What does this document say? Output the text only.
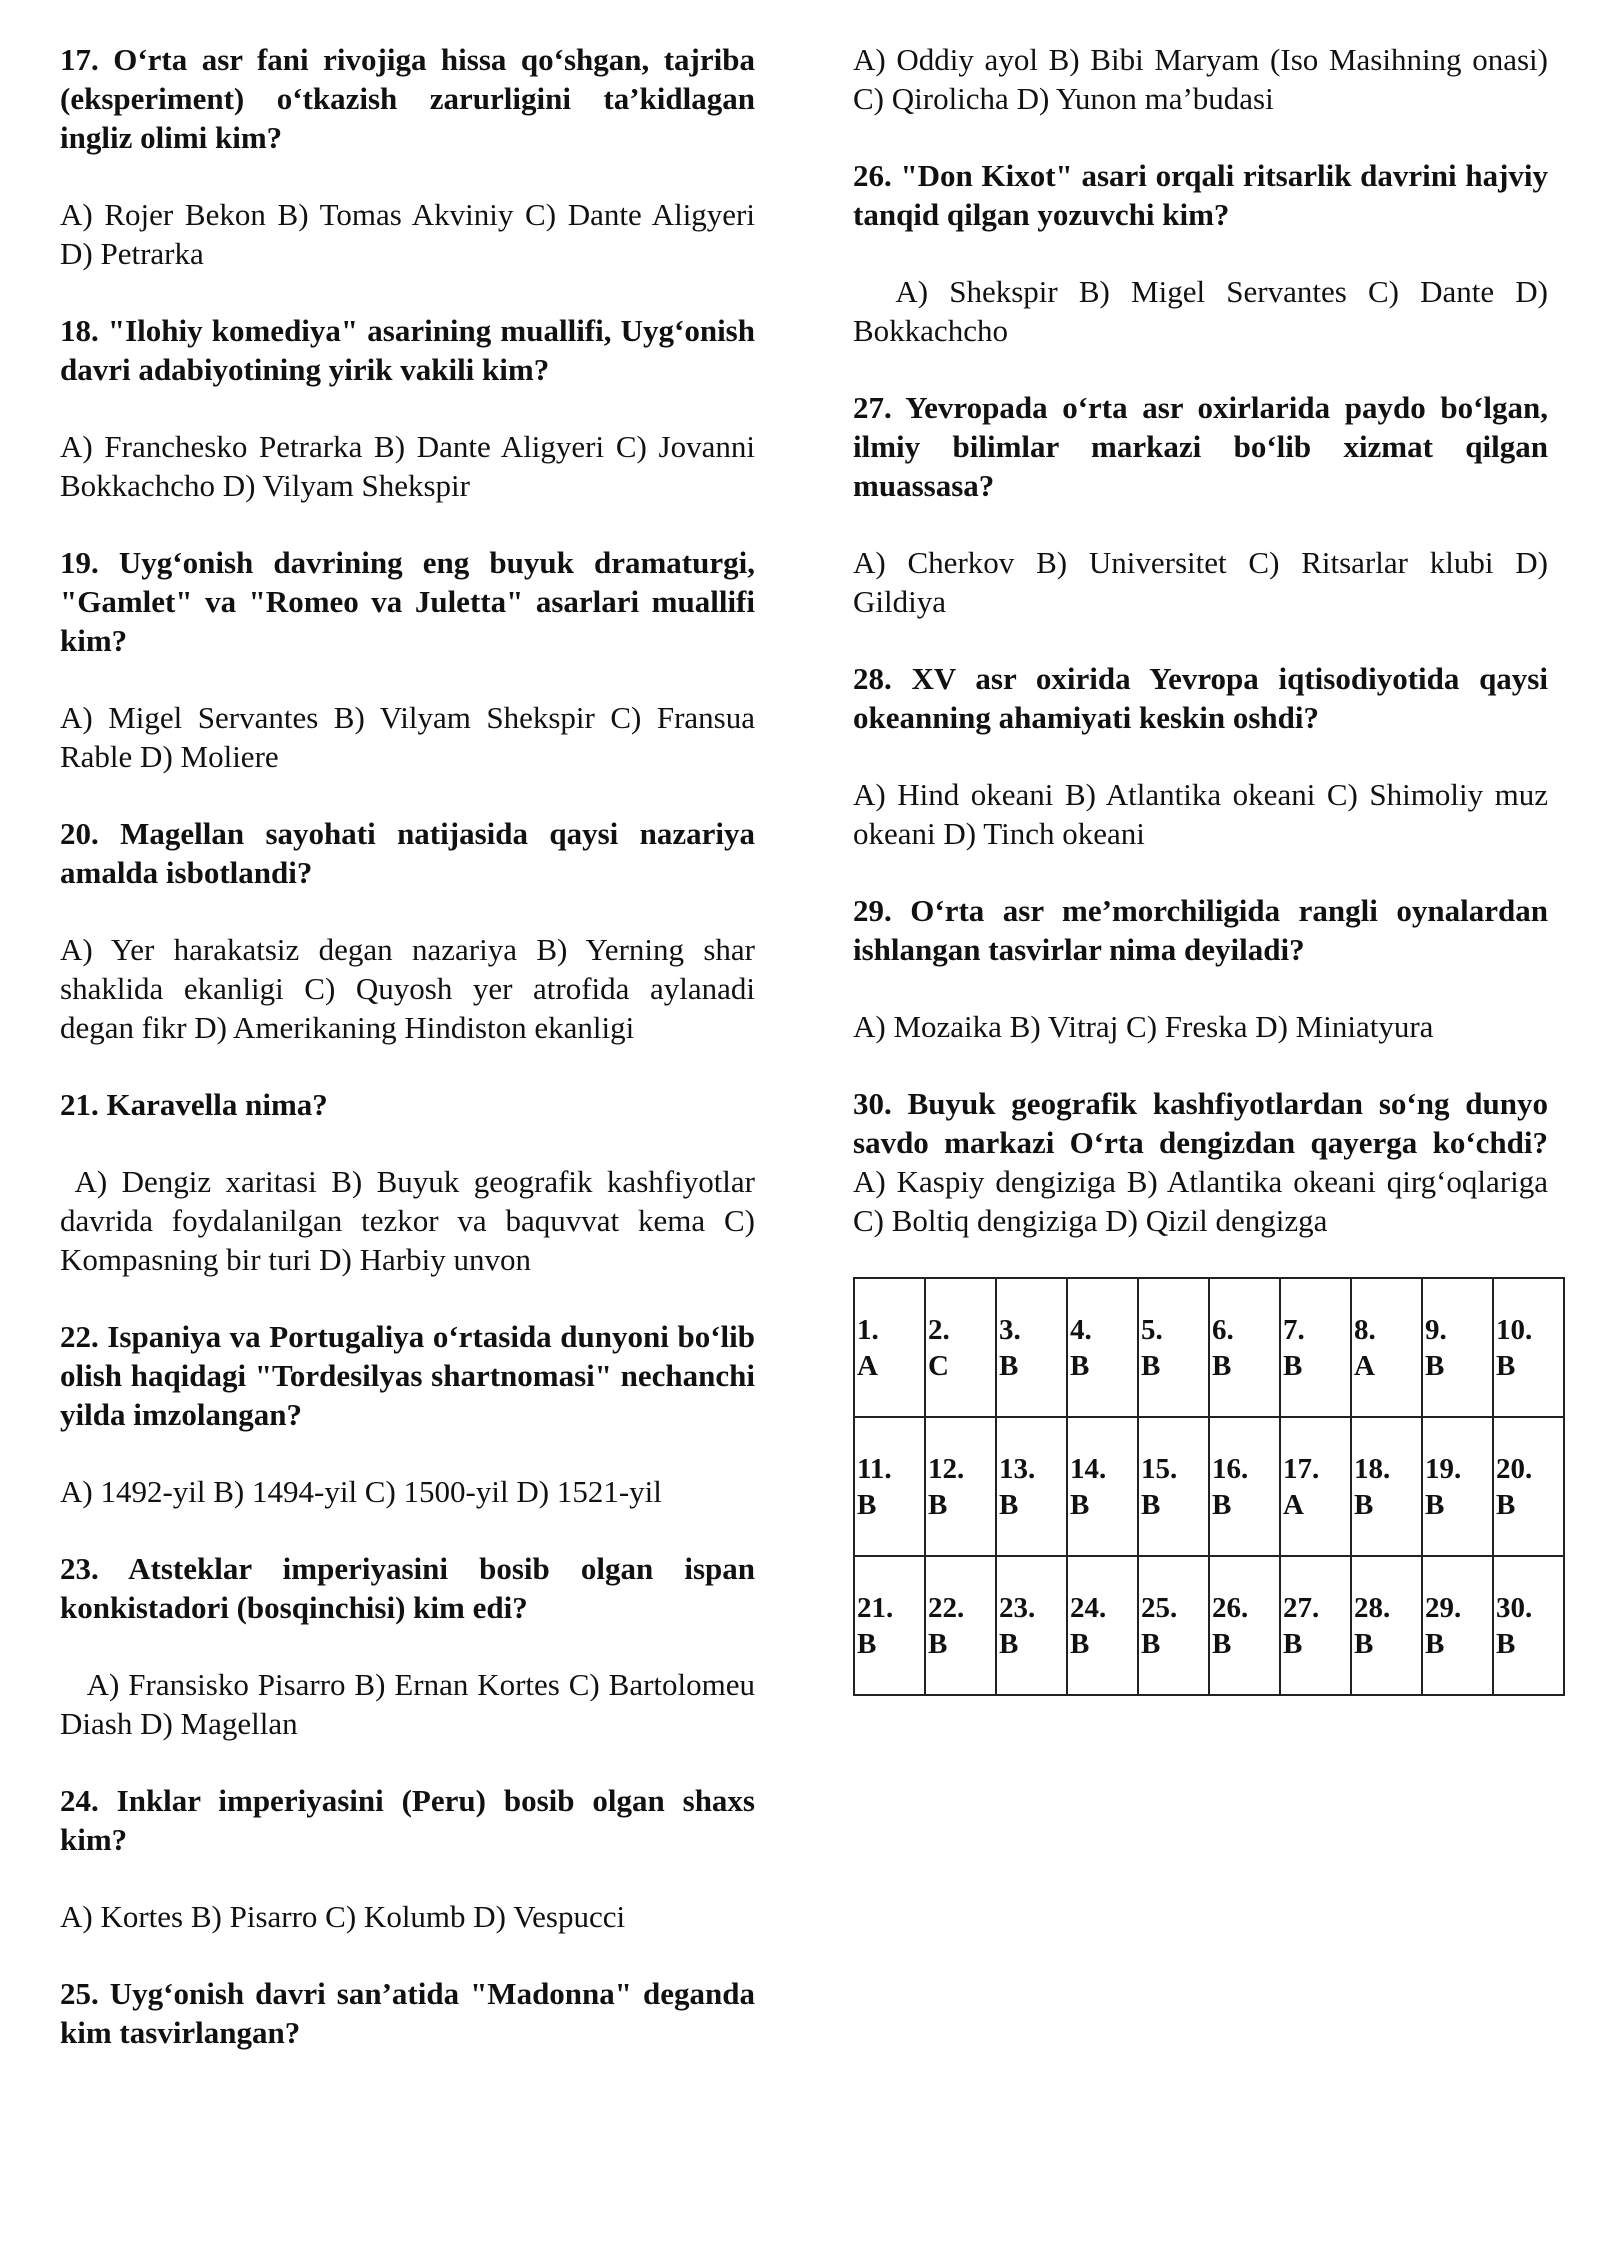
17. O‘rta asr fani rivojiga hissa qo‘shgan, tajriba (eksperiment) o‘tkazish zarurligini ta’kidlagan ingliz olimi kim?

A) Rojer Bekon B) Tomas Akviniy C) Dante Aligyeri D) Petrarka

18. "Ilohiy komediya" asarining muallifi, Uyg‘onish davri adabiyotining yirik vakili kim?

A) Franchesko Petrarka B) Dante Aligyeri C) Jovanni Bokkachcho D) Vilyam Shekspir

19. Uyg‘onish davrining eng buyuk dramaturgi, "Gamlet" va "Romeo va Juletta" asarlari muallifi kim?

A) Migel Servantes B) Vilyam Shekspir C) Fransua Rable D) Moliere

20. Magellan sayohati natijasida qaysi nazariya amalda isbotlandi?

A) Yer harakatsiz degan nazariya B) Yerning shar shaklida ekanligi C) Quyosh yer atrofida aylanadi degan fikr D) Amerikaning Hindiston ekanligi

21. Karavella nima?

A) Dengiz xaritasi B) Buyuk geografik kashfiyotlar davrida foydalanilgan tezkor va baquvvat kema C) Kompasning bir turi D) Harbiy unvon

22. Ispaniya va Portugaliya o‘rtasida dunyoni bo‘lib olish haqidagi "Tordesilyas shartnomasi" nechanchi yilda imzolangan?

A) 1492-yil B) 1494-yil C) 1500-yil D) 1521-yil

23. Atsteklar imperiyasini bosib olgan ispan konkistadori (bosqinchisi) kim edi?

A) Fransisko Pisarro B) Ernan Kortes C) Bartolomeu Diash D) Magellan

24. Inklar imperiyasini (Peru) bosib olgan shaxs kim?

A) Kortes B) Pisarro C) Kolumb D) Vespucci

25. Uyg‘onish davri san’atida "Madonna" deganda kim tasvirlangan?

A) Oddiy ayol B) Bibi Maryam (Iso Masihning onasi) C) Qirolicha D) Yunon ma’budasi

26. "Don Kixot" asari orqali ritsarlik davrini hajviy tanqid qilgan yozuvchi kim?

A) Shekspir B) Migel Servantes C) Dante D) Bokkachcho

27. Yevropada o‘rta asr oxirlarida paydo bo‘lgan, ilmiy bilimlar markazi bo‘lib xizmat qilgan muassasa?

A) Cherkov B) Universitet C) Ritsarlar klubi D) Gildiya

28. XV asr oxirida Yevropa iqtisodiyotida qaysi okeanning ahamiyati keskin oshdi?

A) Hind okeani B) Atlantika okeani C) Shimoliy muz okeani D) Tinch okeani

29. O‘rta asr me’morchiligida rangli oynalardan ishlangan tasvirlar nima deyiladi?

A) Mozaika B) Vitraj C) Freska D) Miniatyura

30. Buyuk geografik kashfiyotlardan so‘ng dunyo savdo markazi O‘rta dengizdan qayerga ko‘chdi? A) Kaspiy dengiziga B) Atlantika okeani qirg‘oqlariga C) Boltiq dengiziga D) Qizil dengizga

1.
A	2.
C	3.
B	4.
B	5.
B	6.
B	7.
B	8.
A	9.
B	10.
B

11.
B	12.
B	13.
B	14.
B	15.
B	16.
B	17.
A	18.
B	19.
B	20.
B

21.
B	22.
B	23.
B	24.
B	25.
B	26.
B	27.
B	28.
B	29.
B	30.
B
